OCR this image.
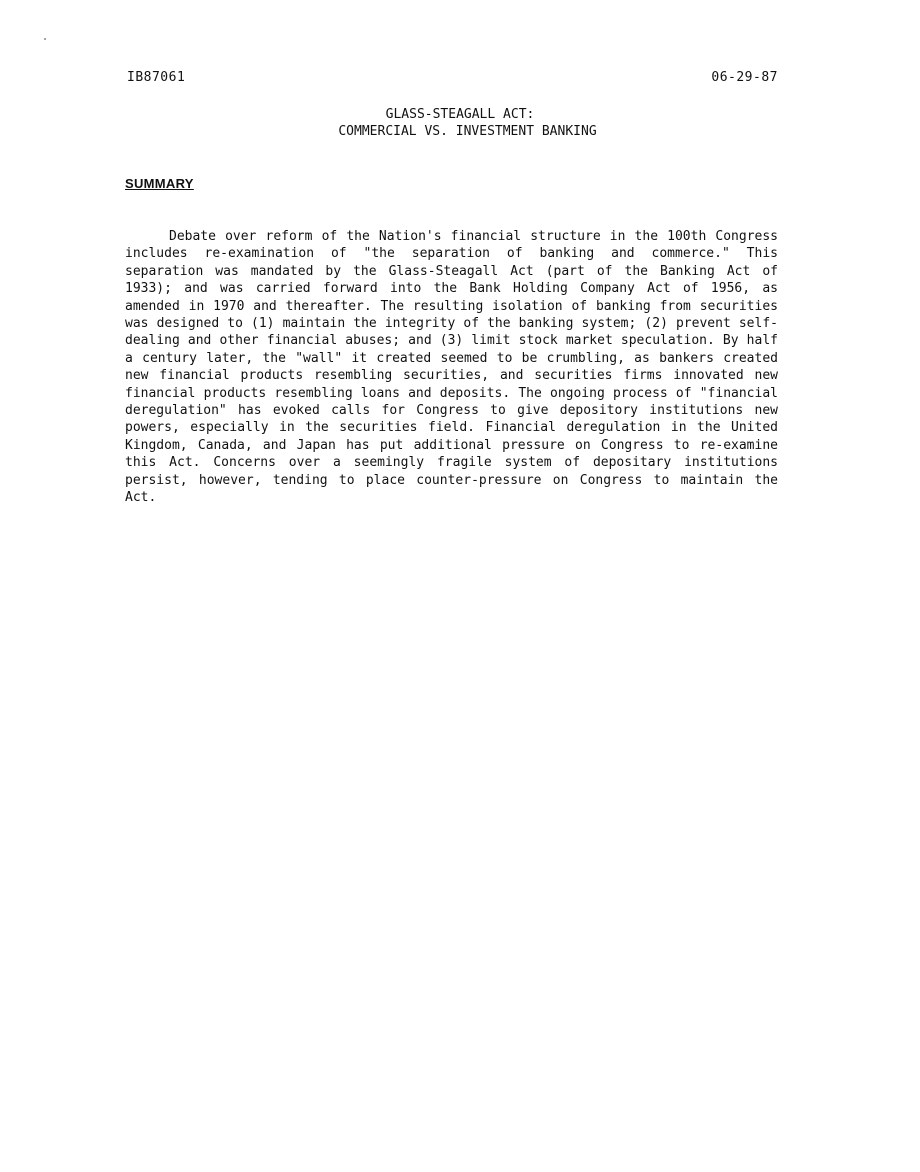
IB87061	06-29-87
GLASS-STEAGALL ACT:
COMMERCIAL VS. INVESTMENT BANKING
SUMMARY

Debate over reform of the Nation's financial structure in the 100th Congress includes re-examination of "the separation of banking and commerce." This separation was mandated by the Glass-Steagall Act (part of the Banking Act of 1933); and was carried forward into the Bank Holding Company Act of 1956, as amended in 1970 and thereafter. The resulting isolation of banking from securities was designed to (1) maintain the integrity of the banking system; (2) prevent self-dealing and other financial abuses; and (3) limit stock market speculation. By half a century later, the "wall" it created seemed to be crumbling, as bankers created new financial products resembling securities, and securities firms innovated new financial products resembling loans and deposits. The ongoing process of "financial deregulation" has evoked calls for Congress to give depository institutions new powers, especially in the securities field. Financial deregulation in the United Kingdom, Canada, and Japan has put additional pressure on Congress to re-examine this Act. Concerns over a seemingly fragile system of depositary institutions persist, however, tending to place counter-pressure on Congress to maintain the Act.
